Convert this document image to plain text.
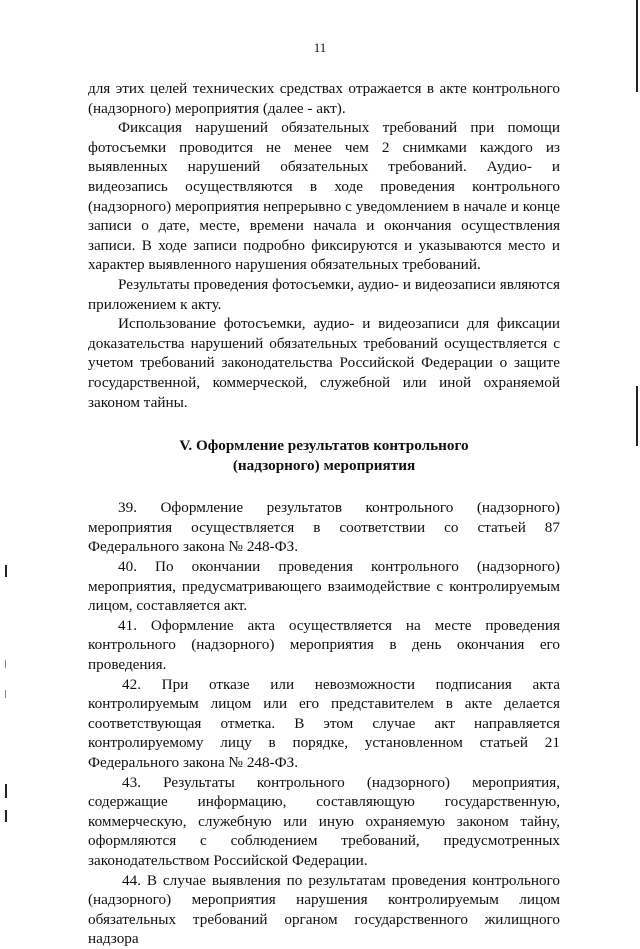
11

для этих целей технических средствах отражается в акте контрольного (надзорного) мероприятия (далее - акт).

Фиксация нарушений обязательных требований при помощи фотосъемки проводится не менее чем 2 снимками каждого из выявленных нарушений обязательных требований. Аудио- и видеозапись осуществляются в ходе проведения контрольного (надзорного) мероприятия непрерывно с уведомлением в начале и конце записи о дате, месте, времени начала и окончания осуществления записи. В ходе записи подробно фиксируются и указываются место и характер выявленного нарушения обязательных требований.

Результаты проведения фотосъемки, аудио- и видеозаписи являются приложением к акту.

Использование фотосъемки, аудио- и видеозаписи для фиксации доказательства нарушений обязательных требований осуществляется с учетом требований законодательства Российской Федерации о защите государственной, коммерческой, служебной или иной охраняемой законом тайны.

V. Оформление результатов контрольного
(надзорного) мероприятия

39. Оформление результатов контрольного (надзорного) мероприятия осуществляется в соответствии со статьей 87 Федерального закона № 248-ФЗ.

40. По окончании проведения контрольного (надзорного) мероприятия, предусматривающего взаимодействие с контролируемым лицом, составляется акт.

41. Оформление акта осуществляется на месте проведения контрольного (надзорного) мероприятия в день окончания его проведения.

42. При отказе или невозможности подписания акта контролируемым лицом или его представителем в акте делается соответствующая отметка. В этом случае акт направляется контролируемому лицу в порядке, установленном статьей 21 Федерального закона № 248-ФЗ.

43. Результаты контрольного (надзорного) мероприятия, содержащие информацию, составляющую государственную, коммерческую, служебную или иную охраняемую законом тайну, оформляются с соблюдением требований, предусмотренных законодательством Российской Федерации.

44. В случае выявления по результатам проведения контрольного (надзорного) мероприятия нарушения контролируемым лицом обязательных требований органом государственного жилищного надзора
